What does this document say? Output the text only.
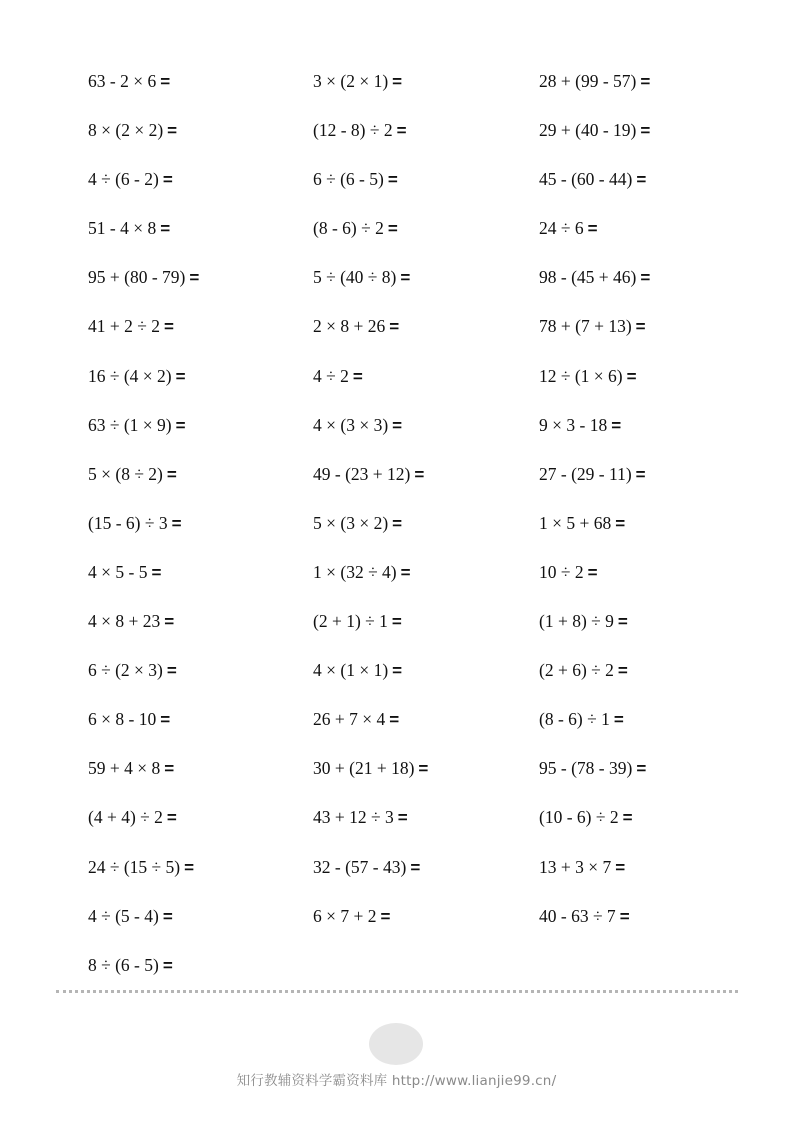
63 - 2 × 6 =
8 × (2 × 2) =
4 ÷ (6 - 2) =
51 - 4 × 8 =
95 + (80 - 79) =
41 + 2 ÷ 2 =
16 ÷ (4 × 2) =
63 ÷ (1 × 9) =
5 × (8 ÷ 2) =
(15 - 6) ÷ 3 =
4 × 5 - 5 =
4 × 8 + 23 =
6 ÷ (2 × 3) =
6 × 8 - 10 =
59 + 4 × 8 =
(4 + 4) ÷ 2 =
24 ÷ (15 ÷ 5) =
4 ÷ (5 - 4) =
8 ÷ (6 - 5) =
3 × (2 × 1) =
(12 - 8) ÷ 2 =
6 ÷ (6 - 5) =
(8 - 6) ÷ 2 =
5 ÷ (40 ÷ 8) =
2 × 8 + 26 =
4 ÷ 2 =
4 × (3 × 3) =
49 - (23 + 12) =
5 × (3 × 2) =
1 × (32 ÷ 4) =
(2 + 1) ÷ 1 =
4 × (1 × 1) =
26 + 7 × 4 =
30 + (21 + 18) =
43 + 12 ÷ 3 =
32 - (57 - 43) =
6 × 7 + 2 =
28 + (99 - 57) =
29 + (40 - 19) =
45 - (60 - 44) =
24 ÷ 6 =
98 - (45 + 46) =
78 + (7 + 13) =
12 ÷ (1 × 6) =
9 × 3 - 18 =
27 - (29 - 11) =
1 × 5 + 68 =
10 ÷ 2 =
(1 + 8) ÷ 9 =
(2 + 6) ÷ 2 =
(8 - 6) ÷ 1 =
95 - (78 - 39) =
(10 - 6) ÷ 2 =
13 + 3 × 7 =
40 - 63 ÷ 7 =
知行教辅资料学霸资料库 http://www.lianjie99.cn/
